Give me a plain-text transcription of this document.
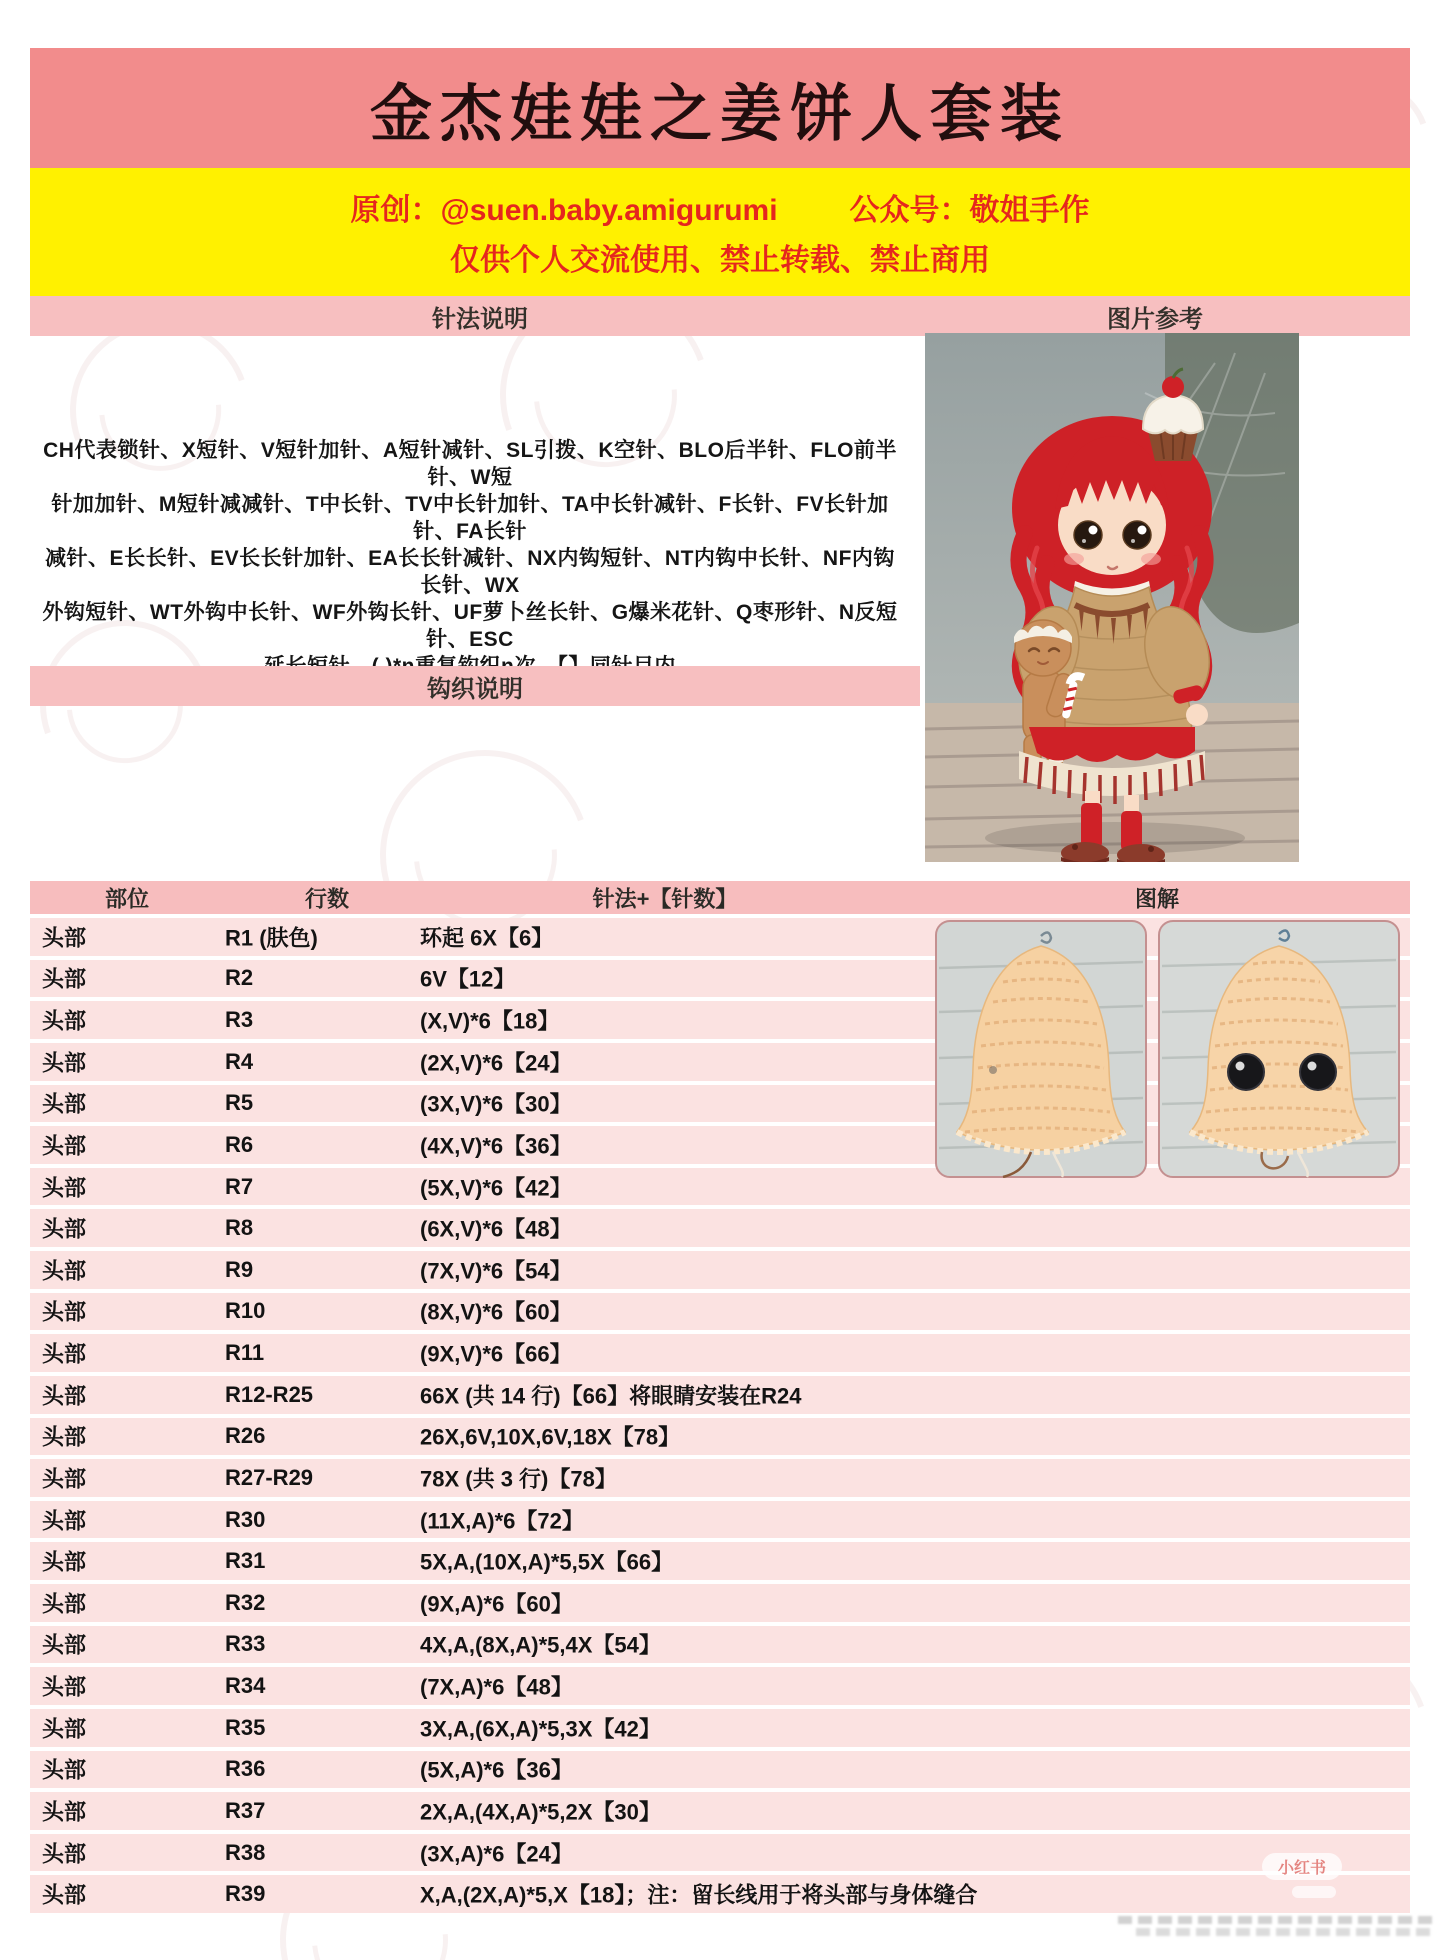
金杰娃娃之姜饼人套装
原创：@suen.baby.amigurumi 公众号：敬姐手作
仅供个人交流使用、禁止转载、禁止商用
针法说明	图片参考
CH代表锁针、X短针、V短针加针、A短针减针、SL引拨、K空针、BLO后半针、FLO前半针、W短
针加加针、M短针减减针、T中长针、TV中长针加针、TA中长针减针、F长针、FV长针加针、FA长针
减针、E长长针、EV长长针加针、EA长长针减针、NX内钩短针、NT内钩中长针、NF内钩长针、WX
外钩短针、WT外钩中长针、WF外钩长针、UF萝卜丝长针、G爆米花针、Q枣形针、N反短针、ESC
钩织说明
部位	行数	针法+【针数】	图解
头部	R1 (肤色)	环起 6X【6】
头部	R2	6V【12】
头部	R3	(X,V)*6【18】
头部	R4	(2X,V)*6【24】
头部	R5	(3X,V)*6【30】
头部	R6	(4X,V)*6【36】
头部	R7	(5X,V)*6【42】
头部	R8	(6X,V)*6【48】
头部	R9	(7X,V)*6【54】
头部	R10	(8X,V)*6【60】
头部	R11	(9X,V)*6【66】
头部	R12-R25	66X (共 14 行)【66】将眼睛安装在R24
头部	R26	26X,6V,10X,6V,18X【78】
头部	R27-R29	78X (共 3 行)【78】
头部	R30	(11X,A)*6【72】
头部	R31	5X,A,(10X,A)*5,5X【66】
头部	R32	(9X,A)*6【60】
头部	R33	4X,A,(8X,A)*5,4X【54】
头部	R34	(7X,A)*6【48】
头部	R35	3X,A,(6X,A)*5,3X【42】
头部	R36	(5X,A)*6【36】
头部	R37	2X,A,(4X,A)*5,2X【30】
头部	R38	(3X,A)*6【24】
头部	R39	X,A,(2X,A)*5,X【18】；注：留长线用于将头部与身体缝合
小红书
